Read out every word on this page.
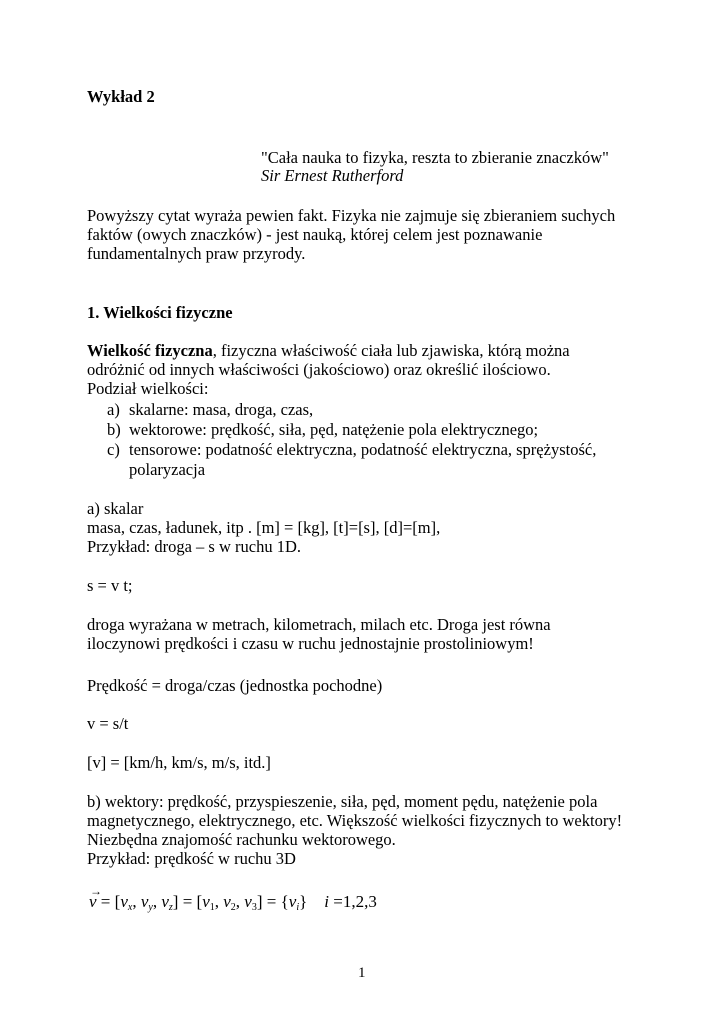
Wykład 2
"Cała nauka to fizyka, reszta to zbieranie znaczków"
Sir Ernest Rutherford
Powyższy cytat wyraża pewien fakt. Fizyka nie zajmuje się zbieraniem suchych
faktów (owych znaczków) - jest nauką, której celem jest poznawanie
fundamentalnych praw przyrody.
1. Wielkości fizyczne
Wielkość fizyczna, fizyczna właściwość ciała lub zjawiska, którą można
odróżnić od innych właściwości (jakościowo) oraz określić ilościowo.
Podział wielkości:
a) skalarne: masa, droga, czas,
b) wektorowe: prędkość, siła, pęd, natężenie pola elektrycznego;
c) tensorowe: podatność elektryczna, podatność elektryczna, sprężystość,
polaryzacja
a) skalar
masa, czas, ładunek, itp . [m] = [kg], [t]=[s], [d]=[m],
Przykład: droga – s w ruchu 1D.
s = v t;
droga wyrażana w metrach, kilometrach, milach etc. Droga jest równa
iloczynowi prędkości i czasu w ruchu jednostajnie prostoliniowym!
Prędkość = droga/czas (jednostka pochodne)
v = s/t
[v] = [km/h, km/s, m/s, itd.]
b) wektory: prędkość, przyspieszenie, siła, pęd, moment pędu, natężenie pola
magnetycznego, elektrycznego, etc. Większość wielkości fizycznych to wektory!
Niezbędna znajomość rachunku wektorowego.
Przykład: prędkość w ruchu 3D
→ $v = [v_x$, $v_y$, $v_z] = [v_1$, $v_2$, $v_3] = \{v_i\}$ i =1,2,3
1
